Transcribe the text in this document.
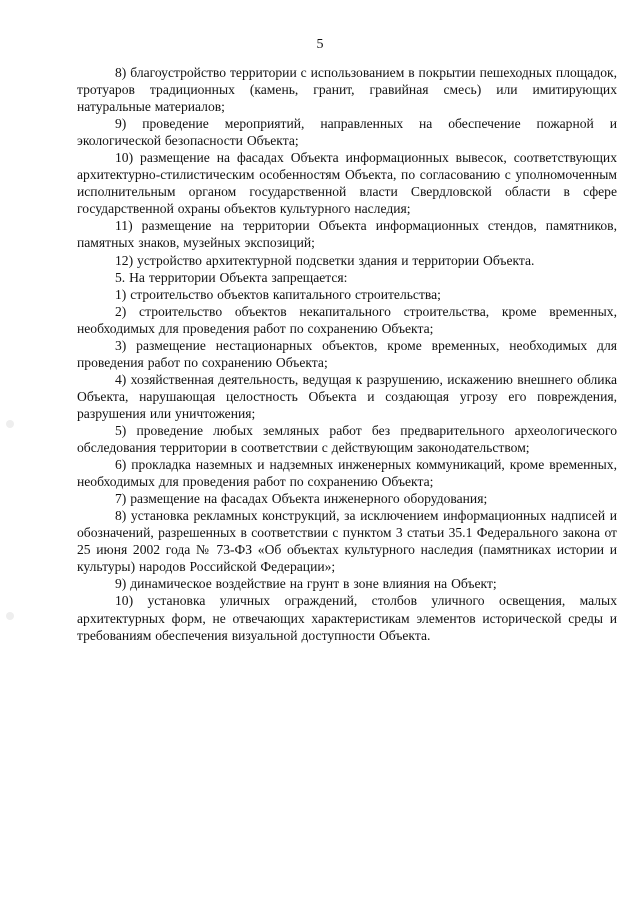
5

8) благоустройство территории с использованием в покрытии пешеходных площадок, тротуаров традиционных (камень, гранит, гравийная смесь) или имитирующих натуральные материалов;

9) проведение мероприятий, направленных на обеспечение пожарной и экологической безопасности Объекта;

10) размещение на фасадах Объекта информационных вывесок, соответствующих архитектурно-стилистическим особенностям Объекта, по согласованию с уполномоченным исполнительным органом государственной власти Свердловской области в сфере государственной охраны объектов культурного наследия;

11) размещение на территории Объекта информационных стендов, памятников, памятных знаков, музейных экспозиций;

12) устройство архитектурной подсветки здания и территории Объекта.

5. На территории Объекта запрещается:

1) строительство объектов капитального строительства;

2) строительство объектов некапитального строительства, кроме временных, необходимых для проведения работ по сохранению Объекта;

3) размещение нестационарных объектов, кроме временных, необходимых для проведения работ по сохранению Объекта;

4) хозяйственная деятельность, ведущая к разрушению, искажению внешнего облика Объекта, нарушающая целостность Объекта и создающая угрозу его повреждения, разрушения или уничтожения;

5) проведение любых земляных работ без предварительного археологического обследования территории в соответствии с действующим законодательством;

6) прокладка наземных и надземных инженерных коммуникаций, кроме временных, необходимых для проведения работ по сохранению Объекта;

7) размещение на фасадах Объекта инженерного оборудования;

8) установка рекламных конструкций, за исключением информационных надписей и обозначений, разрешенных в соответствии с пунктом 3 статьи 35.1 Федерального закона от 25 июня 2002 года № 73-ФЗ «Об объектах культурного наследия (памятниках истории и культуры) народов Российской Федерации»;

9) динамическое воздействие на грунт в зоне влияния на Объект;

10) установка уличных ограждений, столбов уличного освещения, малых архитектурных форм, не отвечающих характеристикам элементов исторической среды и требованиям обеспечения визуальной доступности Объекта.
